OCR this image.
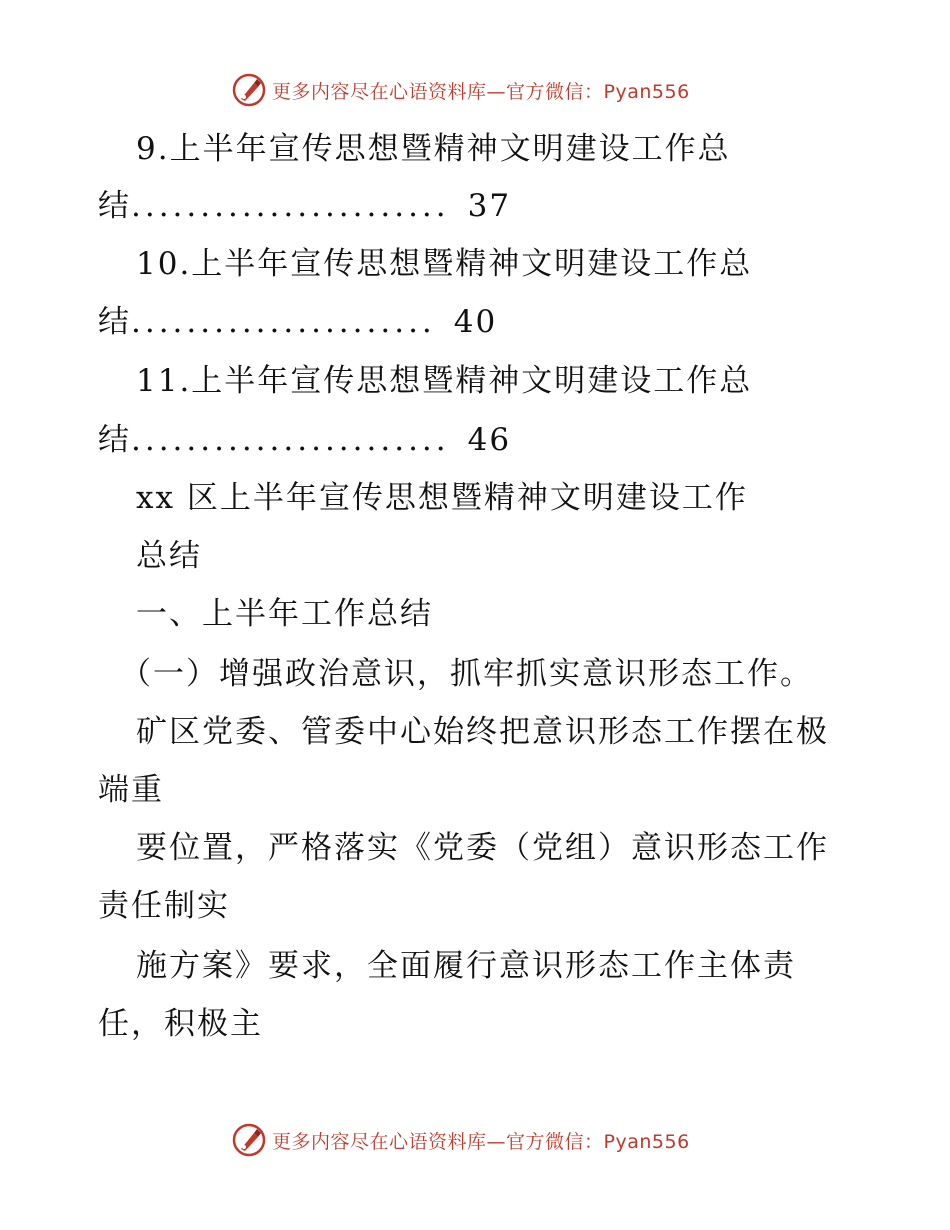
更多内容尽在心语资料库—官方微信：Pyan556
9.上半年宣传思想暨精神文明建设工作总
结....................... 37
10.上半年宣传思想暨精神文明建设工作总
结...................... 40
11.上半年宣传思想暨精神文明建设工作总
结....................... 46
xx 区上半年宣传思想暨精神文明建设工作
总结
一、上半年工作总结
（一）增强政治意识，抓牢抓实意识形态工作。
矿区党委、管委中心始终把意识形态工作摆在极
端重
要位置，严格落实《党委（党组）意识形态工作
责任制实
施方案》要求，全面履行意识形态工作主体责
任，积极主
更多内容尽在心语资料库—官方微信：Pyan556
